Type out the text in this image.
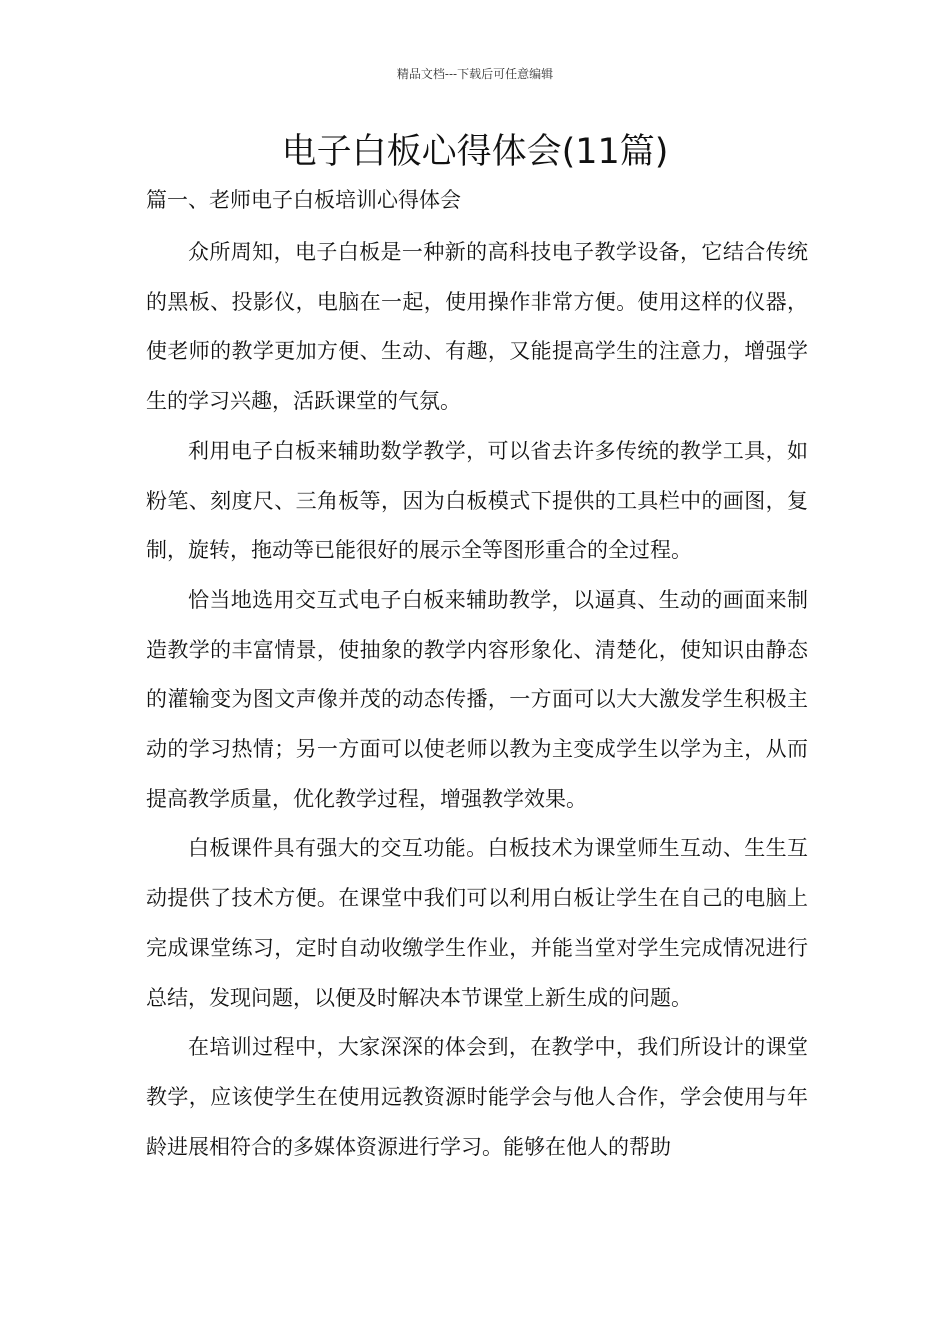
精品文档---下载后可任意编辑
电子白板心得体会(11篇)
篇一、老师电子白板培训心得体会

众所周知，电子白板是一种新的高科技电子教学设备，它结合传统的黑板、投影仪，电脑在一起，使用操作非常方便。使用这样的仪器，使老师的教学更加方便、生动、有趣，又能提高学生的注意力，增强学生的学习兴趣，活跃课堂的气氛。

利用电子白板来辅助数学教学，可以省去许多传统的教学工具，如粉笔、刻度尺、三角板等，因为白板模式下提供的工具栏中的画图，复制，旋转，拖动等已能很好的展示全等图形重合的全过程。

恰当地选用交互式电子白板来辅助教学，以逼真、生动的画面来制造教学的丰富情景，使抽象的教学内容形象化、清楚化，使知识由静态的灌输变为图文声像并茂的动态传播，一方面可以大大激发学生积极主动的学习热情；另一方面可以使老师以教为主变成学生以学为主，从而提高教学质量，优化教学过程，增强教学效果。

白板课件具有强大的交互功能。白板技术为课堂师生互动、生生互动提供了技术方便。在课堂中我们可以利用白板让学生在自己的电脑上完成课堂练习，定时自动收缴学生作业，并能当堂对学生完成情况进行总结，发现问题，以便及时解决本节课堂上新生成的问题。

在培训过程中，大家深深的体会到，在教学中，我们所设计的课堂教学，应该使学生在使用远教资源时能学会与他人合作，学会使用与年龄进展相符合的多媒体资源进行学习。能够在他人的帮助
